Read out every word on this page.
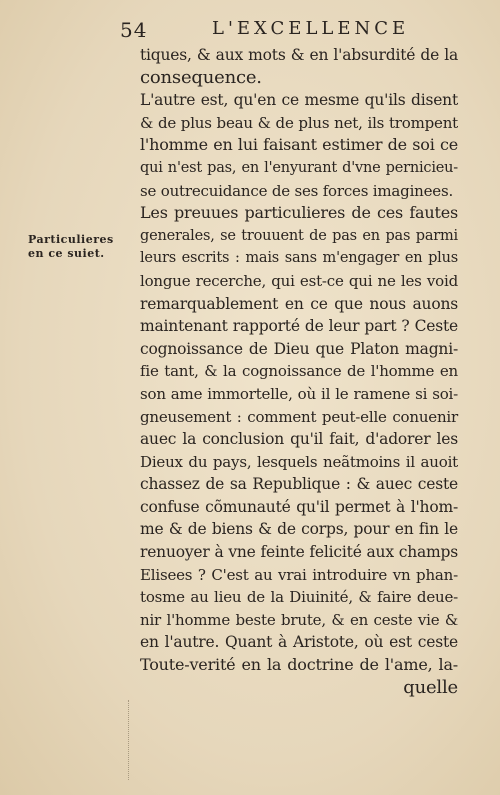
54	L'EXCELLENCE
Particulieres
en ce suiet.
tiques, & aux mots & en l'absurdité de la
consequence.
L'autre est, qu'en ce mesme qu'ils disent
& de plus beau & de plus net, ils trompent
l'homme en lui faisant estimer de soi ce
qui n'est pas, en l'enyurant d'vne pernicieu-
se outrecuidance de ses forces imaginees.
Les preuues particulieres de ces fautes
generales, se trouuent de pas en pas parmi
leurs escrits : mais sans m'engager en plus
longue recerche, qui est-ce qui ne les void
remarquablement en ce que nous auons
maintenant rapporté de leur part ? Ceste
cognoissance de Dieu que Platon magni-
fie tant, & la cognoissance de l'homme en
son ame immortelle, où il le ramene si soi-
gneusement : comment peut-elle conuenir
auec la conclusion qu'il fait, d'adorer les
Dieux du pays, lesquels neãtmoins il auoit
chassez de sa Republique : & auec ceste
confuse cõmunauté qu'il permet à l'hom-
me & de biens & de corps, pour en fin le
renuoyer à vne feinte felicité aux champs
Elisees ? C'est au vrai introduire vn phan-
tosme au lieu de la Diuinité, & faire deue-
nir l'homme beste brute, & en ceste vie &
en l'autre. Quant à Aristote, où est ceste
Toute-verité en la doctrine de l'ame, la-
quelle
